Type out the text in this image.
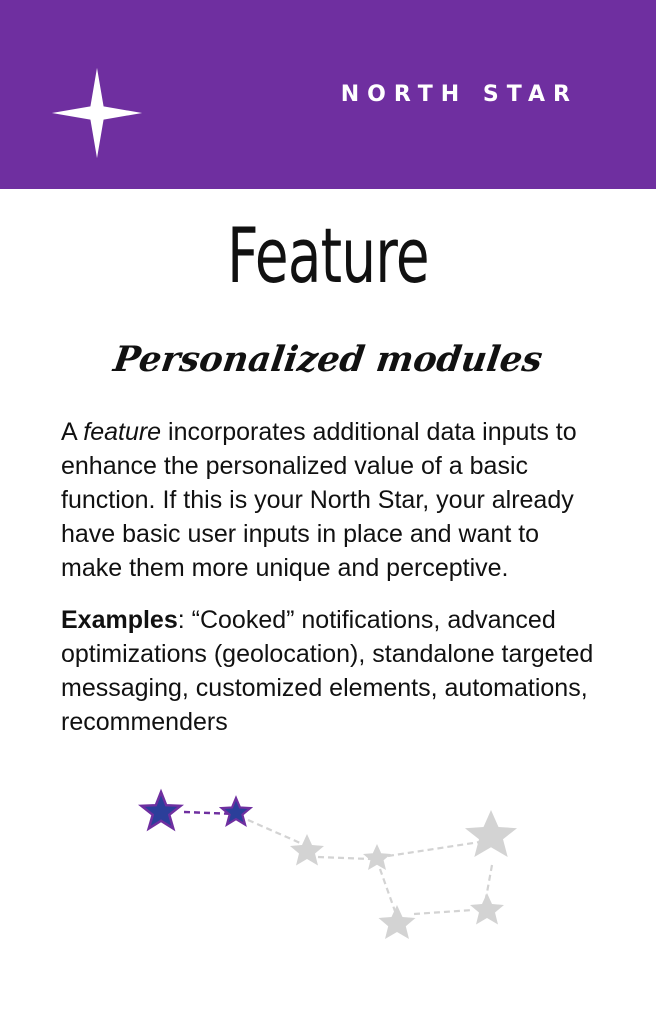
NORTH STAR
Feature
Personalized modules

A feature incorporates additional data inputs to enhance the personalized value of a basic function. If this is your North Star, your already have basic user inputs in place and want to make them more unique and perceptive.

Examples: “Cooked” notifications, advanced optimizations (geolocation), standalone targeted messaging, customized elements, automations, recommenders
